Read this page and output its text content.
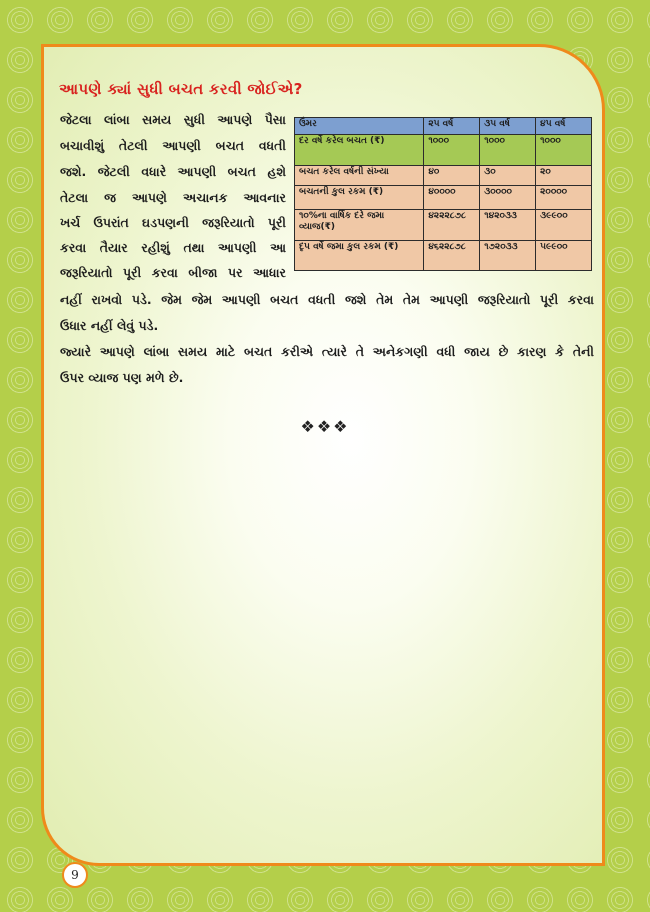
આપણે ક્યાં સુધી બચત કરવી જોઈએ?

જેટલા લાંબા સમય સુધી આપણે પૈસા

બચાવીશું તેટલી આપણી બચત વધતી

જશે. જેટલી વધારે આપણી બચત હશે

તેટલા જ આપણે અચાનક આવનાર

ખર્ચ ઉપરાંત ઘડપણની જરૂરિયાતો પૂરી

કરવા તૈયાર રહીશું તથા આપણી આ

જરૂરિયાતો પૂરી કરવા બીજા પર આધાર

ઉંમર	૨૫ વર્ષ	૩૫ વર્ષ	૪૫ વર્ષ
દર વર્ષે કરેલ બચત (₹)	૧૦૦૦	૧૦૦૦	૧૦૦૦
બચત કરેલ વર્ષની સંખ્યા	૪૦	૩૦	૨૦
બચતની કુલ રકમ (₹)	૪૦૦૦૦	૩૦૦૦૦	૨૦૦૦૦
૧૦%ના વાર્ષિક દરે જમા વ્યાજ(₹)	૪૨૨૨૮૭૮	૧૪૨૦૩૩	૩૯૯૦૦
દૃ૫ વર્ષે જમા કુલ રકમ (₹)	૪૬૨૨૮૭૮	૧૭૨૦૩૩	૫૯૯૦૦

નહીં રાખવો પડે. જેમ જેમ આપણી બચત વધતી જશે તેમ તેમ આપણી જરૂરિયાતો પૂરી કરવા

ઉધાર નહીં લેવું પડે.

જ્યારે આપણે લાંબા સમય માટે બચત કરીએ ત્યારે તે અનેકગણી વધી જાય છે કારણ કે તેની

ઉપર વ્યાજ પણ મળે છે.

❖❖❖

9
